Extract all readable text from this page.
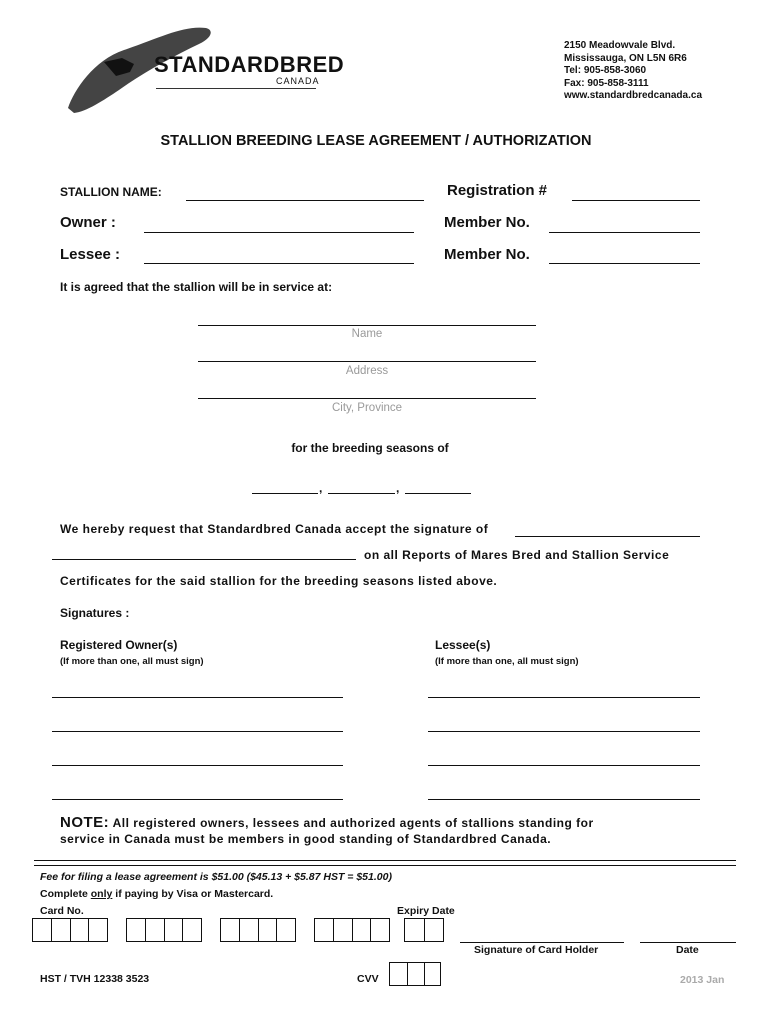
STANDARDBRED
CANADA
2150 Meadowvale Blvd.
Mississauga, ON L5N 6R6
Tel: 905-858-3060
Fax: 905-858-3111
www.standardbredcanada.ca
STALLION BREEDING LEASE AGREEMENT / AUTHORIZATION
STALLION NAME:	Registration #
Owner :	Member No.
Lessee :	Member No.
It is agreed that the stallion will be in service at:
Name
Address
City, Province
for the breeding seasons of
,	,
We hereby request that Standardbred Canada accept the signature of
on all Reports of Mares Bred and Stallion Service
Certificates for the said stallion for the breeding seasons listed above.
Signatures :
Registered Owner(s)
(If more than one, all must sign)
Lessee(s)
(If more than one, all must sign)
NOTE: All registered owners, lessees and authorized agents of stallions standing for
service in Canada must be members in good standing of Standardbred Canada.
Fee for filing a lease agreement is $51.00 ($45.13 + $5.87 HST = $51.00)
Complete only if paying by Visa or Mastercard.
Card No.	Expiry Date
Signature of Card Holder	Date
HST / TVH 12338 3523	CVV	2013 Jan
